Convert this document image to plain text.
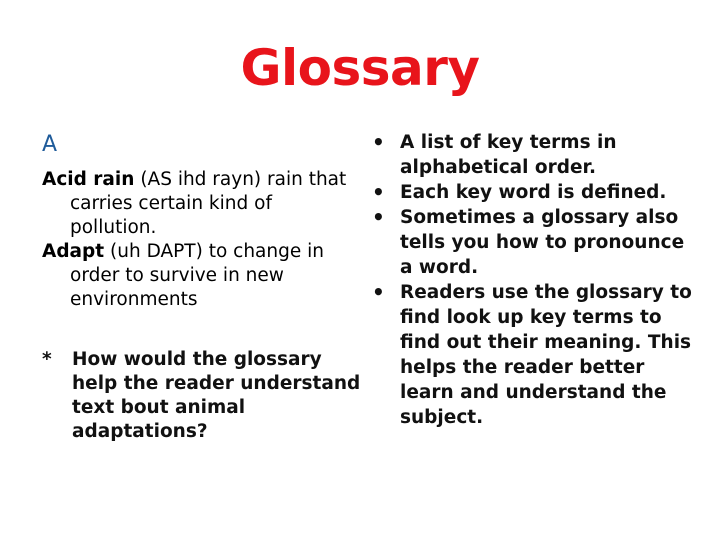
Glossary
A
Acid rain (AS ihd rayn) rain that carries certain kind of pollution.
Adapt (uh DAPT) to change in order to survive in new environments
*	How would the glossary help the reader understand text bout animal adaptations?
• A list of key terms in alphabetical order.
• Each key word is defined.
• Sometimes a glossary also tells you how to pronounce a word.
• Readers use the glossary to find look up key terms to find out their meaning. This helps the reader better learn and understand the subject.
